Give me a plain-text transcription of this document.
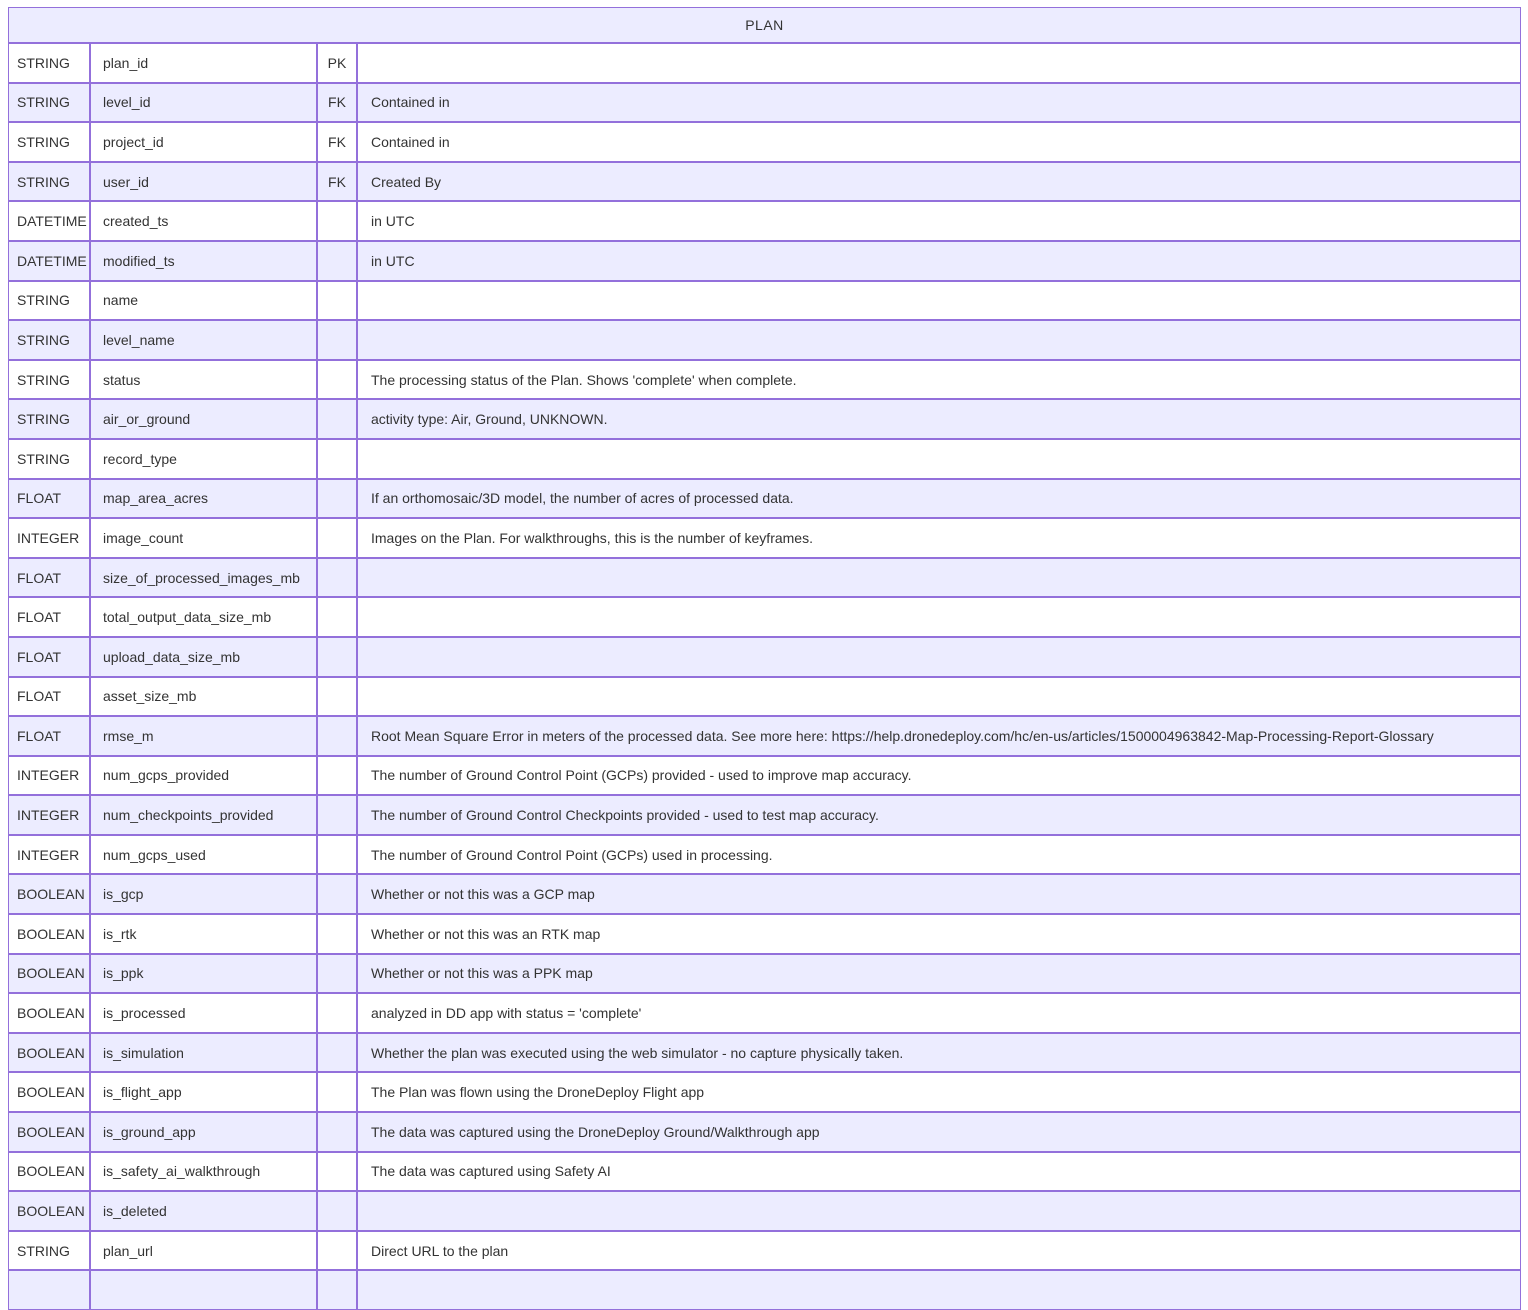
PLAN			
STRING	plan_id	PK	
STRING	level_id	FK	Contained in
STRING	project_id	FK	Contained in
STRING	user_id	FK	Created By
DATETIME	created_ts		in UTC
DATETIME	modified_ts		in UTC
STRING	name		
STRING	level_name		
STRING	status		The processing status of the Plan. Shows 'complete' when complete.
STRING	air_or_ground		activity type: Air, Ground, UNKNOWN.
STRING	record_type		
FLOAT	map_area_acres		If an orthomosaic/3D model, the number of acres of processed data.
INTEGER	image_count		Images on the Plan. For walkthroughs, this is the number of keyframes.
FLOAT	size_of_processed_images_mb		
FLOAT	total_output_data_size_mb		
FLOAT	upload_data_size_mb		
FLOAT	asset_size_mb		
FLOAT	rmse_m		Root Mean Square Error in meters of the processed data. See more here: https://help.dronedeploy.com/hc/en-us/articles/1500004963842-Map-Processing-Report-Glossary
INTEGER	num_gcps_provided		The number of Ground Control Point (GCPs) provided - used to improve map accuracy.
INTEGER	num_checkpoints_provided		The number of Ground Control Checkpoints provided - used to test map accuracy.
INTEGER	num_gcps_used		The number of Ground Control Point (GCPs) used in processing.
BOOLEAN	is_gcp		Whether or not this was a GCP map
BOOLEAN	is_rtk		Whether or not this was an RTK map
BOOLEAN	is_ppk		Whether or not this was a PPK map
BOOLEAN	is_processed		analyzed in DD app with status = 'complete'
BOOLEAN	is_simulation		Whether the plan was executed using the web simulator - no capture physically taken.
BOOLEAN	is_flight_app		The Plan was flown using the DroneDeploy Flight app
BOOLEAN	is_ground_app		The data was captured using the DroneDeploy Ground/Walkthrough app
BOOLEAN	is_safety_ai_walkthrough		The data was captured using Safety AI
BOOLEAN	is_deleted		
STRING	plan_url		Direct URL to the plan
